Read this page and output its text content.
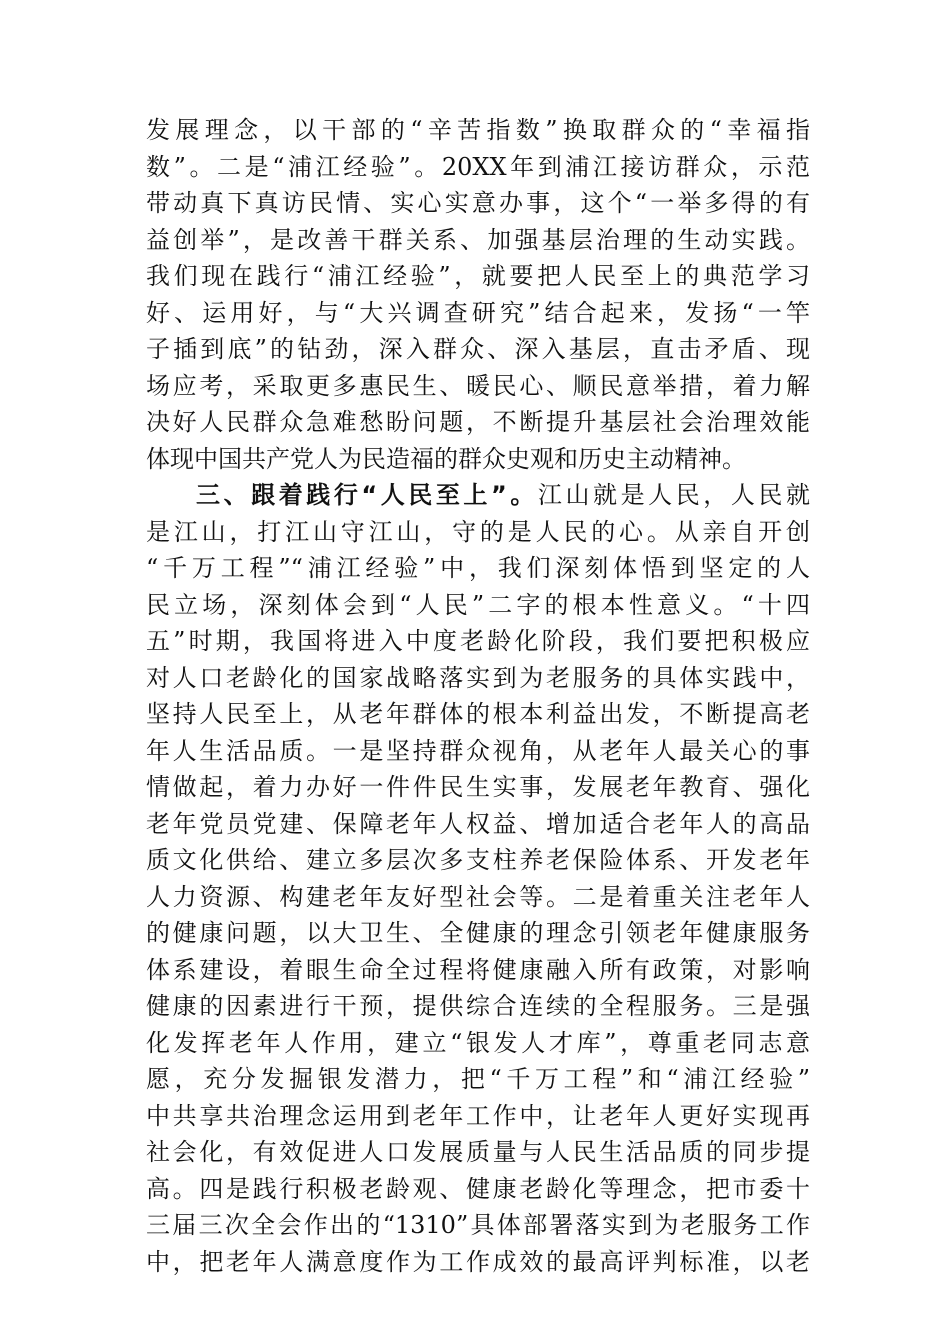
发展理念，以干部的“辛苦指数”换取群众的“幸福指
数”。二是“浦江经验”。20XX年到浦江接访群众，示范
带动真下真访民情、实心实意办事，这个“一举多得的有
益创举”，是改善干群关系、加强基层治理的生动实践。
我们现在践行“浦江经验”，就要把人民至上的典范学习
好、运用好，与“大兴调查研究”结合起来，发扬“一竿
子插到底”的钻劲，深入群众、深入基层，直击矛盾、现
场应考，采取更多惠民生、暖民心、顺民意举措，着力解
决好人民群众急难愁盼问题，不断提升基层社会治理效能
体现中国共产党人为民造福的群众史观和历史主动精神。
三、跟着践行“人民至上”。江山就是人民，人民就
是江山，打江山守江山，守的是人民的心。从亲自开创
“千万工程”“浦江经验”中，我们深刻体悟到坚定的人
民立场，深刻体会到“人民”二字的根本性意义。“十四
五”时期，我国将进入中度老龄化阶段，我们要把积极应
对人口老龄化的国家战略落实到为老服务的具体实践中，
坚持人民至上，从老年群体的根本利益出发，不断提高老
年人生活品质。一是坚持群众视角，从老年人最关心的事
情做起，着力办好一件件民生实事，发展老年教育、强化
老年党员党建、保障老年人权益、增加适合老年人的高品
质文化供给、建立多层次多支柱养老保险体系、开发老年
人力资源、构建老年友好型社会等。二是着重关注老年人
的健康问题，以大卫生、全健康的理念引领老年健康服务
体系建设，着眼生命全过程将健康融入所有政策，对影响
健康的因素进行干预，提供综合连续的全程服务。三是强
化发挥老年人作用，建立“银发人才库”，尊重老同志意
愿，充分发掘银发潜力，把“千万工程”和“浦江经验”
中共享共治理念运用到老年工作中，让老年人更好实现再
社会化，有效促进人口发展质量与人民生活品质的同步提
高。四是践行积极老龄观、健康老龄化等理念，把市委十
三届三次全会作出的“1310”具体部署落实到为老服务工作
中，把老年人满意度作为工作成效的最高评判标准，以老
